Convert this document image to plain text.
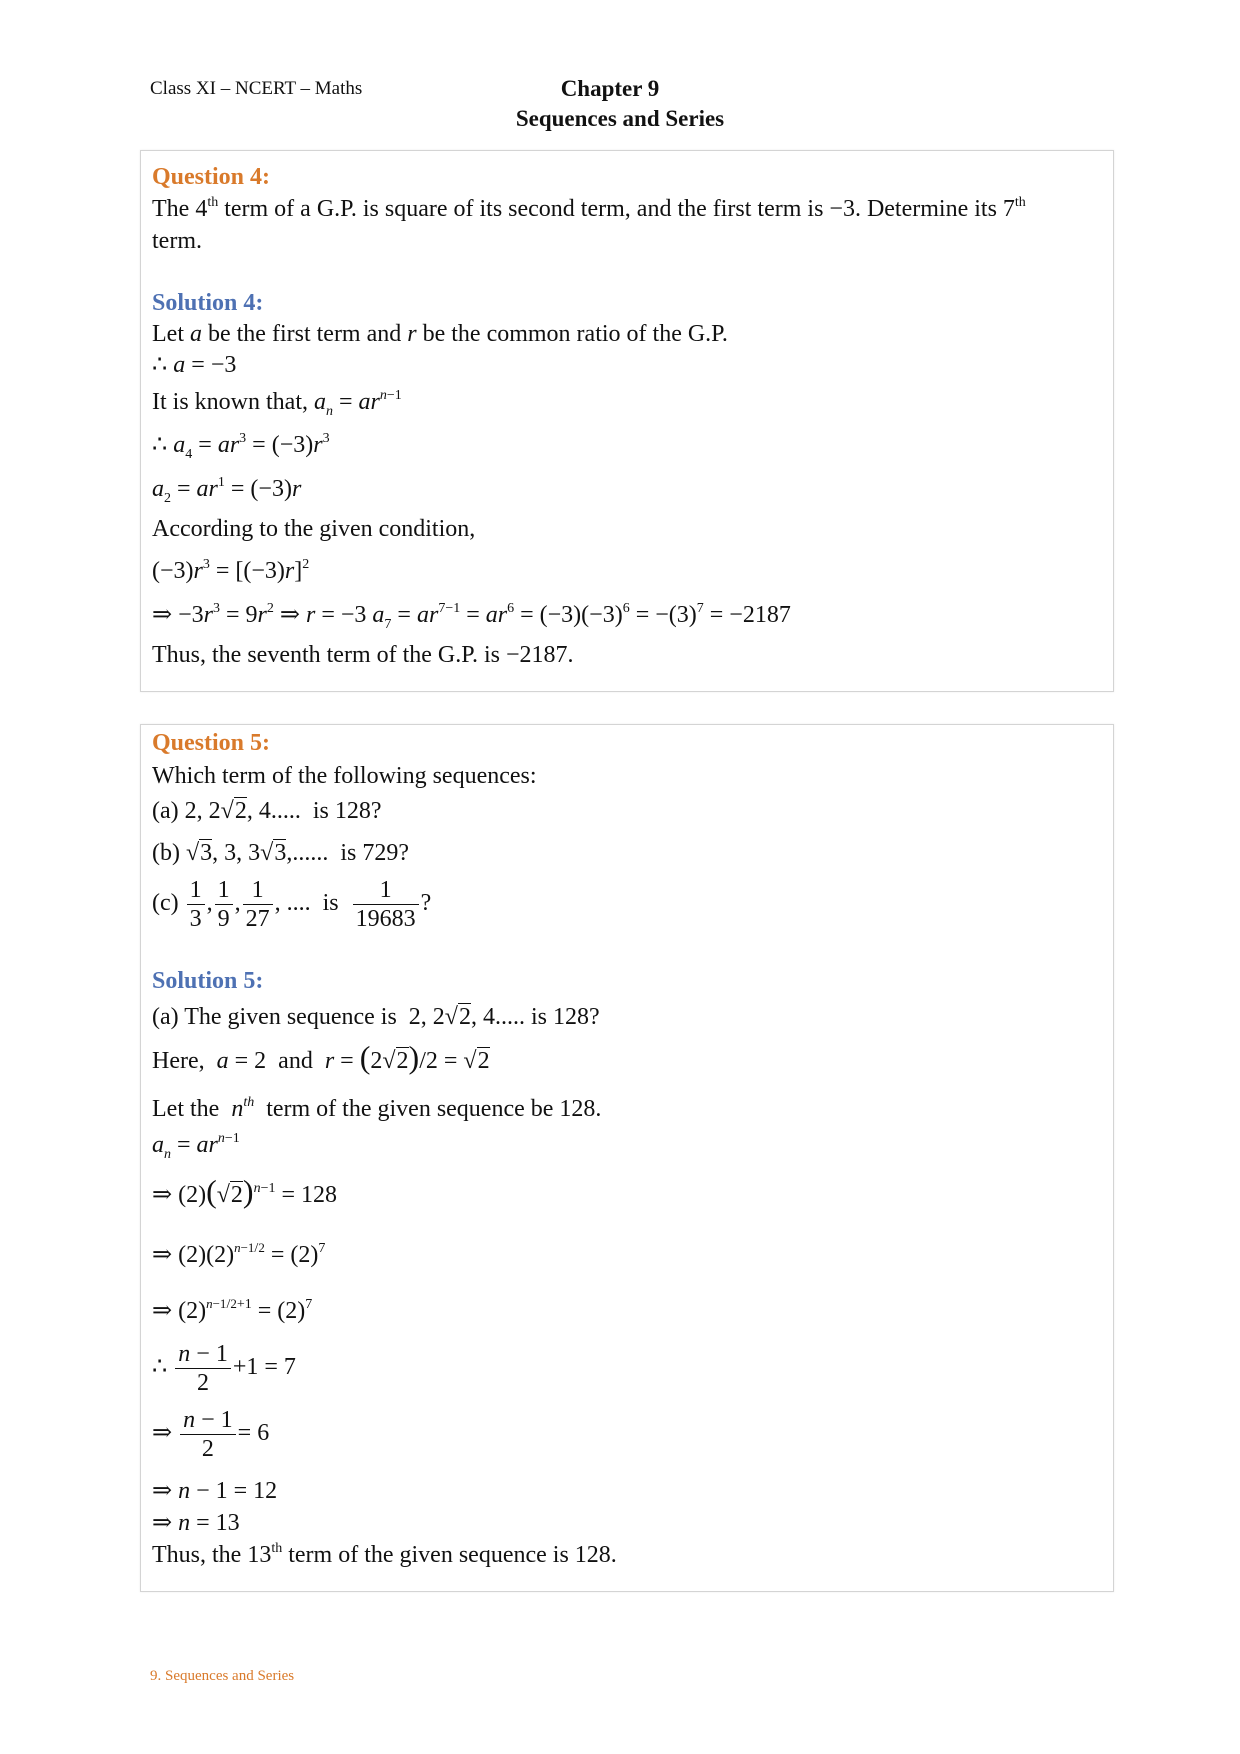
Class XI – NCERT – Maths	Chapter 9
Sequences and Series
Question 4:
The 4th term of a G.P. is square of its second term, and the first term is −3. Determine its 7th
term.
Solution 4:
Let a be the first term and r be the common ratio of the G.P.
∴ a = −3
It is known that, $a_n = ar^{n-1}$
∴ $a_4 = ar^3 = (-3)r^3$
$a_2 = ar^1 = (-3)r$
According to the given condition,
$(-3)r^3 = [(-3)r]^2$
⇒ $-3r^3 = 9r^2$ ⇒ r = −3 $a_7 = ar^{7-1} = ar^6 = (-3)(-3)^6 = -(3)^7 = -2187$
Thus, the seventh term of the G.P. is −2187.
Question 5:
Which term of the following sequences:
(a) 2, 2√2, 4.....  is 128?
(b) √3, 3, 3√3,......  is 729?
$(c) \frac{1}{3}$ , $\frac{1}{9}$ , $\frac{1}{27}$ , ....  is $\frac{1}{19683}$ ?
Solution 5:
(a) The given sequence is  2, 2√2, 4..... is 128?
Here,  a = 2  and  r = (2√2)/2 = √2
Let the  $n^{th}$  term of the given sequence be 128.
$a_n = ar^{n-1}$
⇒ $(2)(√2)^{n-1} = 128$
⇒ $(2)(2)^{n-1/2} = (2)^7$
⇒ $(2)^{n-1/2+1} = (2)^7$
∴ $\frac{n - 1}{2} +1 = 7$
⇒ $\frac{n - 1}{2} = 6$
⇒ n − 1 = 12
⇒ n = 13
Thus, the 13th term of the given sequence is 128.
9. Sequences and Series
